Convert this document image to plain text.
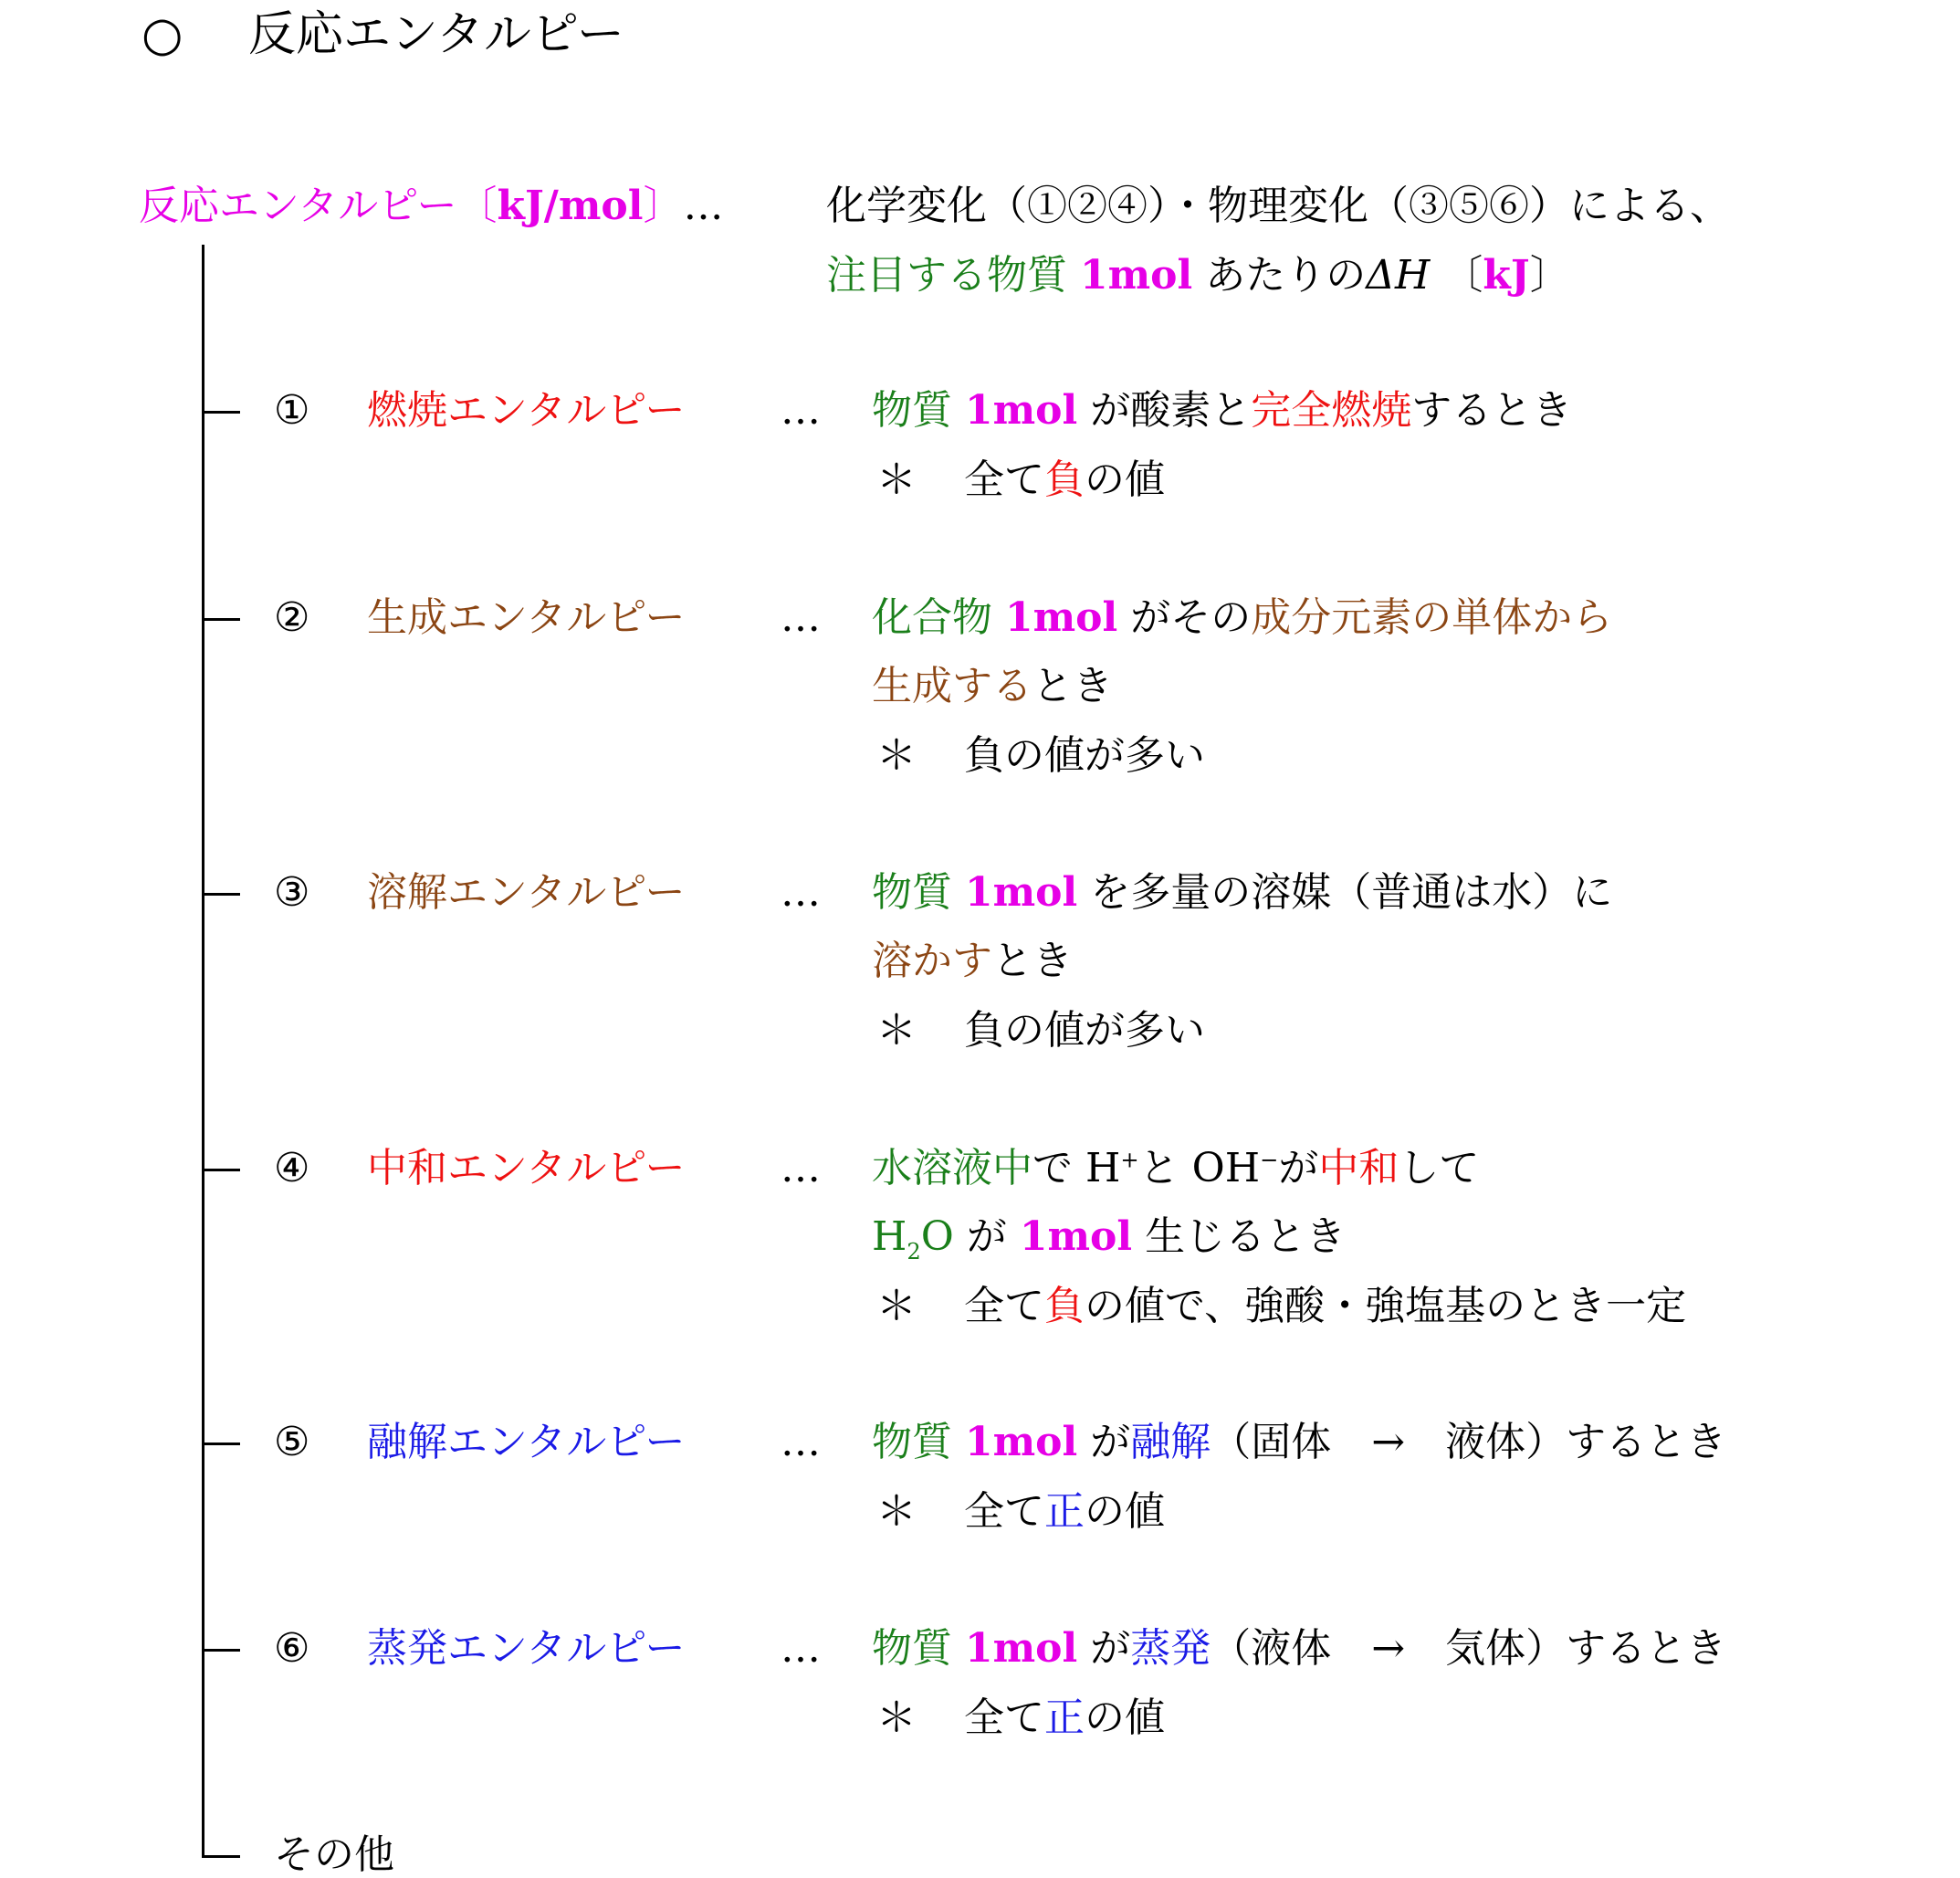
○ 反応エンタルピー
反応エンタルピー〔kJ/mol〕…	化学変化（①②④）・物理変化（③⑤⑥）による、
注目する物質 1mol あたりのΔH 〔kJ〕
① 燃焼エンタルピー … 物質 1mol が酸素と完全燃焼するとき
＊ 全て負の値
② 生成エンタルピー … 化合物 1mol がその成分元素の単体から
生成するとき
＊ 負の値が多い
③ 溶解エンタルピー … 物質 1mol を多量の溶媒（普通は水）に
溶かすとき
＊ 負の値が多い
④ 中和エンタルピー … 水溶液中で H+と OH−が中和して
$H_2O$ が 1mol 生じるとき
＊ 全て負の値で、強酸・強塩基のとき一定
⑤ 融解エンタルピー … 物質 1mol が融解（固体　→　液体）するとき
＊ 全て正の値
⑥ 蒸発エンタルピー … 物質 1mol が蒸発（液体　→　気体）するとき
＊ 全て正の値
その他
